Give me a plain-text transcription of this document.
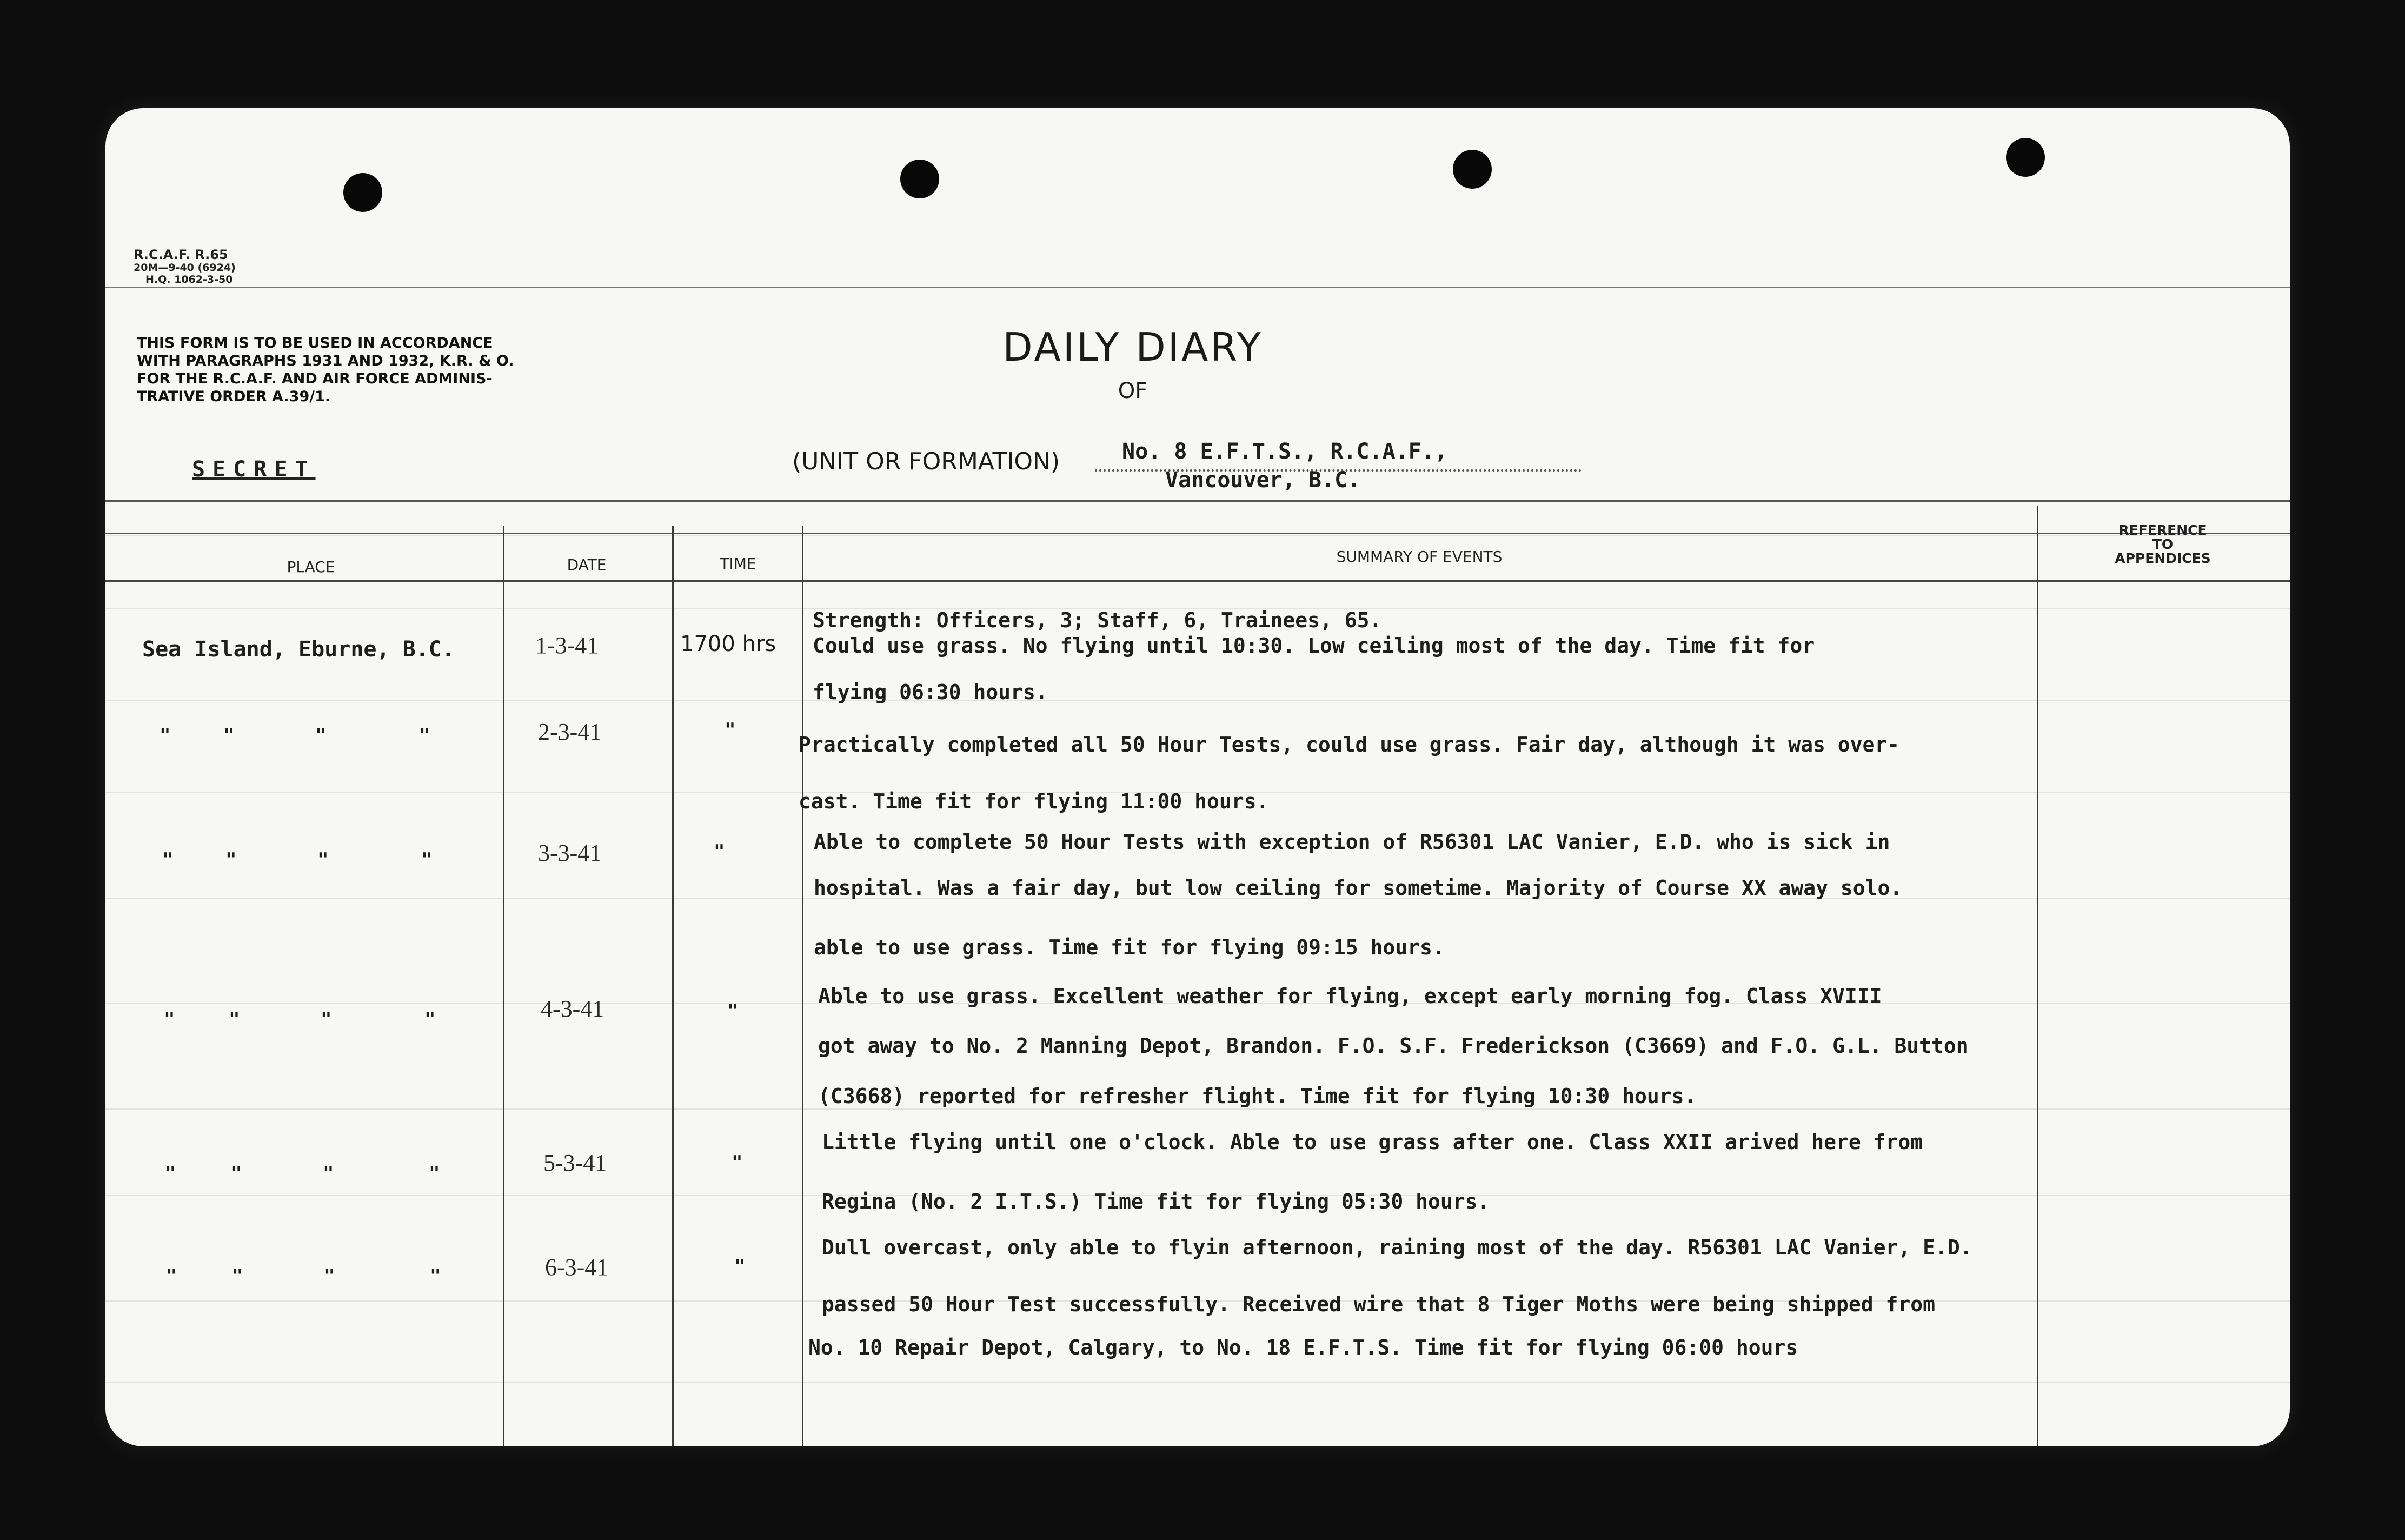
R.C.A.F. R.65
20M—9-40 (6924)
H.Q. 1062-3-50
THIS FORM IS TO BE USED IN ACCORDANCE
WITH PARAGRAPHS 1931 AND 1932, K.R. & O.
FOR THE R.C.A.F. AND AIR FORCE ADMINIS-
TRATIVE ORDER A.39/1.
SECRET
DAILY DIARY
OF
(UNIT OR FORMATION)	No. 8 E.F.T.S., R.C.A.F.,
Vancouver, B.C.
PLACE	DATE	TIME	SUMMARY OF EVENTS
REFERENCE
TO
APPENDICES
Sea Island, Eburne, B.C.	1-3-41	1700 hrs
Strength: Officers, 3; Staff, 6, Trainees, 65.
Could use grass. No flying until 10:30. Low ceiling most of the day. Time fit for
flying 06:30 hours.
"	"	"	"	2-3-41	"
Practically completed all 50 Hour Tests, could use grass. Fair day, although it was over-
cast. Time fit for flying 11:00 hours.
"	"	"	"	3-3-41	"	Able to complete 50 Hour Tests with exception of R56301 LAC Vanier, E.D. who is sick in
hospital. Was a fair day, but low ceiling for sometime. Majority of Course XX away solo.
able to use grass. Time fit for flying 09:15 hours.
"	"	"	"	4-3-41	"
Able to use grass. Excellent weather for flying, except early morning fog. Class XVIII
got away to No. 2 Manning Depot, Brandon. F.O. S.F. Frederickson (C3669) and F.O. G.L. Button
(C3668) reported for refresher flight. Time fit for flying 10:30 hours.
"	"	"	"	5-3-41	"
Little flying until one o'clock. Able to use grass after one. Class XXII arived here from
Regina (No. 2 I.T.S.) Time fit for flying 05:30 hours.
"	"	"	"	6-3-41	"
Dull overcast, only able to flyin afternoon, raining most of the day. R56301 LAC Vanier, E.D.
passed 50 Hour Test successfully. Received wire that 8 Tiger Moths were being shipped from
No. 10 Repair Depot, Calgary, to No. 18 E.F.T.S. Time fit for flying 06:00 hours
